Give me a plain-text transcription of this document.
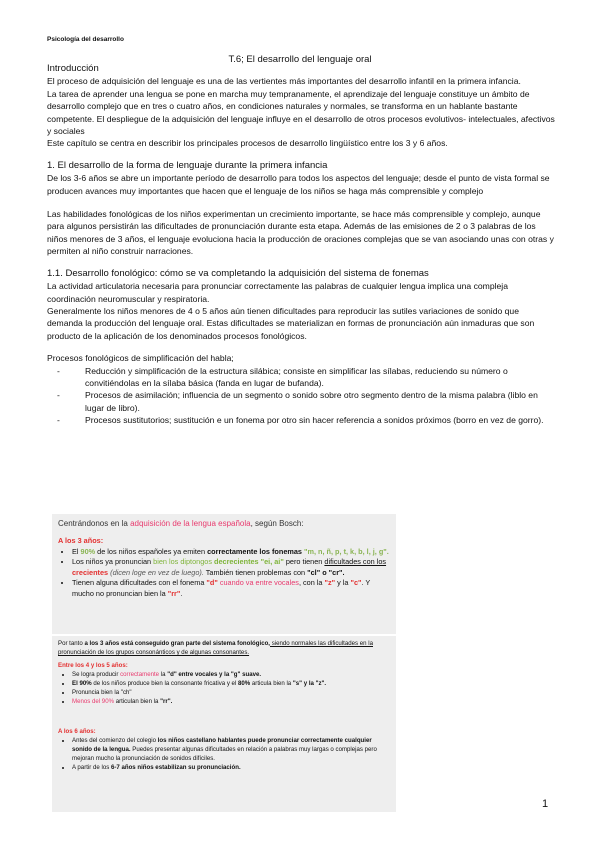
Psicología del desarrollo
T.6; El desarrollo del lenguaje oral

Introducción

El proceso de adquisición del lenguaje es una de las vertientes más importantes del desarrollo infantil en la primera infancia.

La tarea de aprender una lengua se pone en marcha muy tempranamente, el aprendizaje del lenguaje constituye un ámbito de desarrollo complejo que en tres o cuatro años, en condiciones naturales y normales, se transforma en un hablante bastante competente. El despliegue de la adquisición del lenguaje influye en el desarrollo de otros procesos evolutivos- intelectuales, afectivos y sociales

Este capítulo se centra en describir los principales procesos de desarrollo lingüístico entre los 3 y 6 años.

1. El desarrollo de la forma de lenguaje durante la primera infancia

De los 3-6 años se abre un importante período de desarrollo para todos los aspectos del lenguaje; desde el punto de vista formal se producen avances muy importantes que hacen que el lenguaje de los niños se haga más comprensible y complejo

Las habilidades fonológicas de los niños experimentan un crecimiento importante, se hace más comprensible y complejo, aunque para algunos persistirán las dificultades de pronunciación durante esta etapa. Además de las emisiones de 2 o 3 palabras de los niños menores de 3 años, el lenguaje evoluciona hacia la producción de oraciones complejas que se van asociando unas con otras y permiten al niño construir narraciones.

1.1. Desarrollo fonológico: cómo se va completando la adquisición del sistema de fonemas

La actividad articulatoria necesaria para pronunciar correctamente las palabras de cualquier lengua implica una compleja coordinación neuromuscular y respiratoria.

Generalmente los niños menores de 4 o 5 años aún tienen dificultades para reproducir las sutiles variaciones de sonido que demanda la producción del lenguaje oral. Estas dificultades se materializan en formas de pronunciación aún inmaduras que son producto de la aplicación de los denominados procesos fonológicos.

Procesos fonológicos de simplificación del habla;

- Reducción y simplificación de la estructura silábica; consiste en simplificar las sílabas, reduciendo su número o convitiéndolas en la sílaba básica (fanda en lugar de bufanda).
- Procesos de asimilación; influencia de un segmento o sonido sobre otro segmento dentro de la misma palabra (liblo en lugar de libro).
- Procesos sustitutorios; sustitución e un fonema por otro sin hacer referencia a sonidos próximos (borro en vez de gorro).
Centrándonos en la adquisición de la lengua española, según Bosch:
A los 3 años:
• El 90% de los niños españoles ya emiten correctamente los fonemas "m, n, ñ, p, t, k, b, l, j, g".
• Los niños ya pronuncian bien los diptongos decrecientes "ei, ai" pero tienen dificultades con los crecientes (dicen loge en vez de luego). También tienen problemas con "cl" o "cr".
• Tienen alguna dificultades con el fonema "d" cuando va entre vocales, con la "z" y la "c". Y mucho no pronuncian bien la "rr".
Por tanto a los 3 años está conseguido gran parte del sistema fonológico, siendo normales las dificultades en la pronunciación de los grupos consonánticos y de algunas consonantes.
Entre los 4 y los 5 años:
• Se logra producir correctamente la "d" entre vocales y la "g" suave.
• El 90% de los niños produce bien la consonante fricativa y el 80% articula bien la "s" y la "z".
• Pronuncia bien la "ch"
• Menos del 90% articulan bien la "rr".
A los 6 años:
• Antes del comienzo del colegio los niños castellano hablantes puede pronunciar correctamente cualquier sonido de la lengua. Puedes presentar algunas dificultades en relación a palabras muy largas o complejas pero mejoran mucho la pronunciación de sonidos difíciles.
• A partir de los 6-7 años niños estabilizan su pronunciación.
1
